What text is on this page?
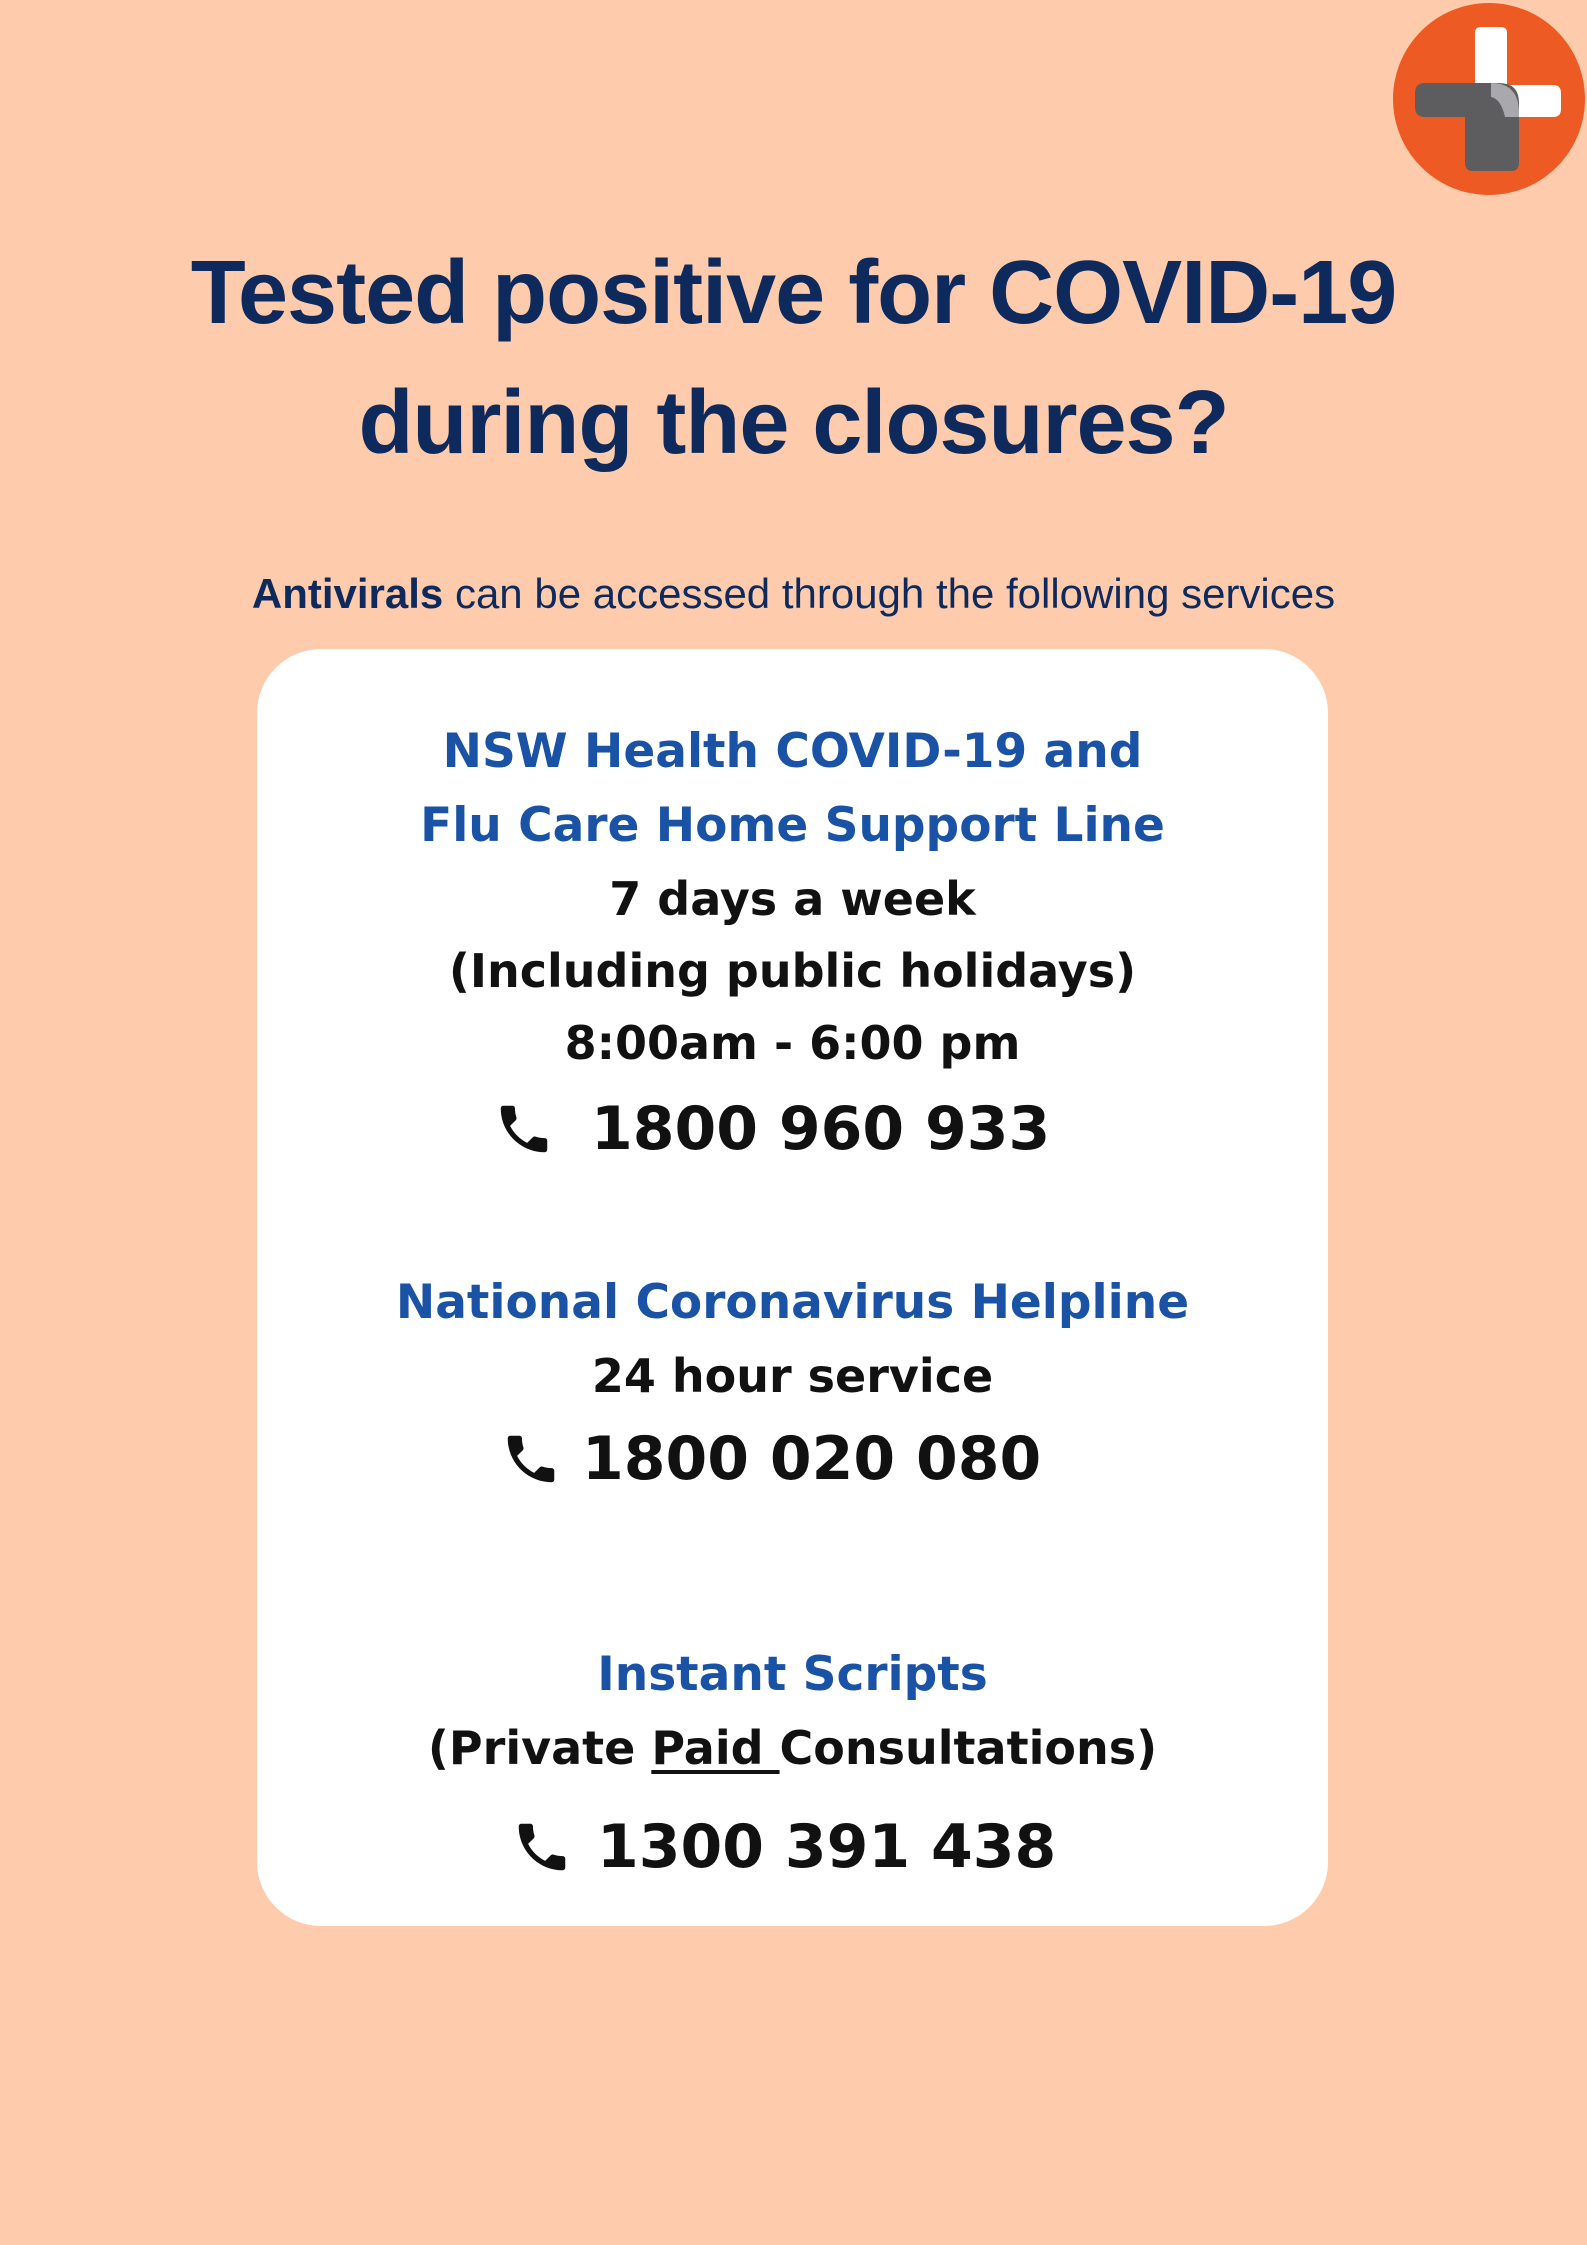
Tested positive for COVID-19
during the closures?
Antivirals can be accessed through the following services
NSW Health COVID-19 and
Flu Care Home Support Line
7 days a week
(Including public holidays)
8:00am - 6:00 pm
1800 960 933
National Coronavirus Helpline
24 hour service
1800 020 080
Instant Scripts
(Private Paid Consultations)
1300 391 438
